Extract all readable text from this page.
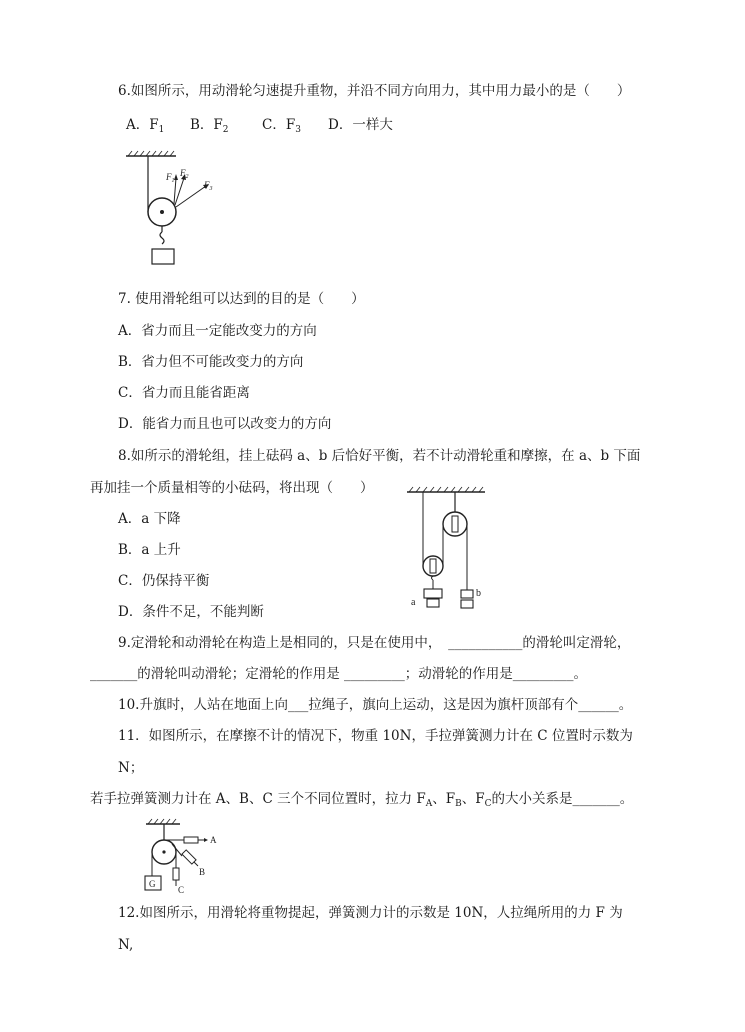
6.如图所示，用动滑轮匀速提升重物，并沿不同方向用力，其中用力最小的是（　　）
A．$F_1$ B．$F_2$ C．$F_3$ D．一样大
$F_1$
$F_2$
$F_3$
7. 使用滑轮组可以达到的目的是（　　）
A．省力而且一定能改变力的方向
B．省力但不可能改变力的方向
C．省力而且能省距离
D．能省力而且也可以改变力的方向
8.如所示的滑轮组，挂上砝码 a、b 后恰好平衡，若不计动滑轮重和摩擦，在 a、b 下面
再加挂一个质量相等的小砝码，将出现（　　）
A．a 下降
B．a 上升
C．仍保持平衡
D．条件不足，不能判断
a
b
9.定滑轮和动滑轮在构造上是相同的，只是在使用中，　___________的滑轮叫定滑轮，
_______的滑轮叫动滑轮；定滑轮的作用是 _________；动滑轮的作用是_________。
10.升旗时，人站在地面上向___拉绳子，旗向上运动，这是因为旗杆顶部有个______。
11．如图所示，在摩擦不计的情况下，物重 10N，手拉弹簧测力计在 C 位置时示数为
N；
若手拉弹簧测力计在 A、B、C 三个不同位置时，拉力 $F_A$、$F_B$、$F_C$的大小关系是_______。
G
A
B
C
12.如图所示，用滑轮将重物提起，弹簧测力计的示数是 10N，人拉绳所用的力 F 为
N,
